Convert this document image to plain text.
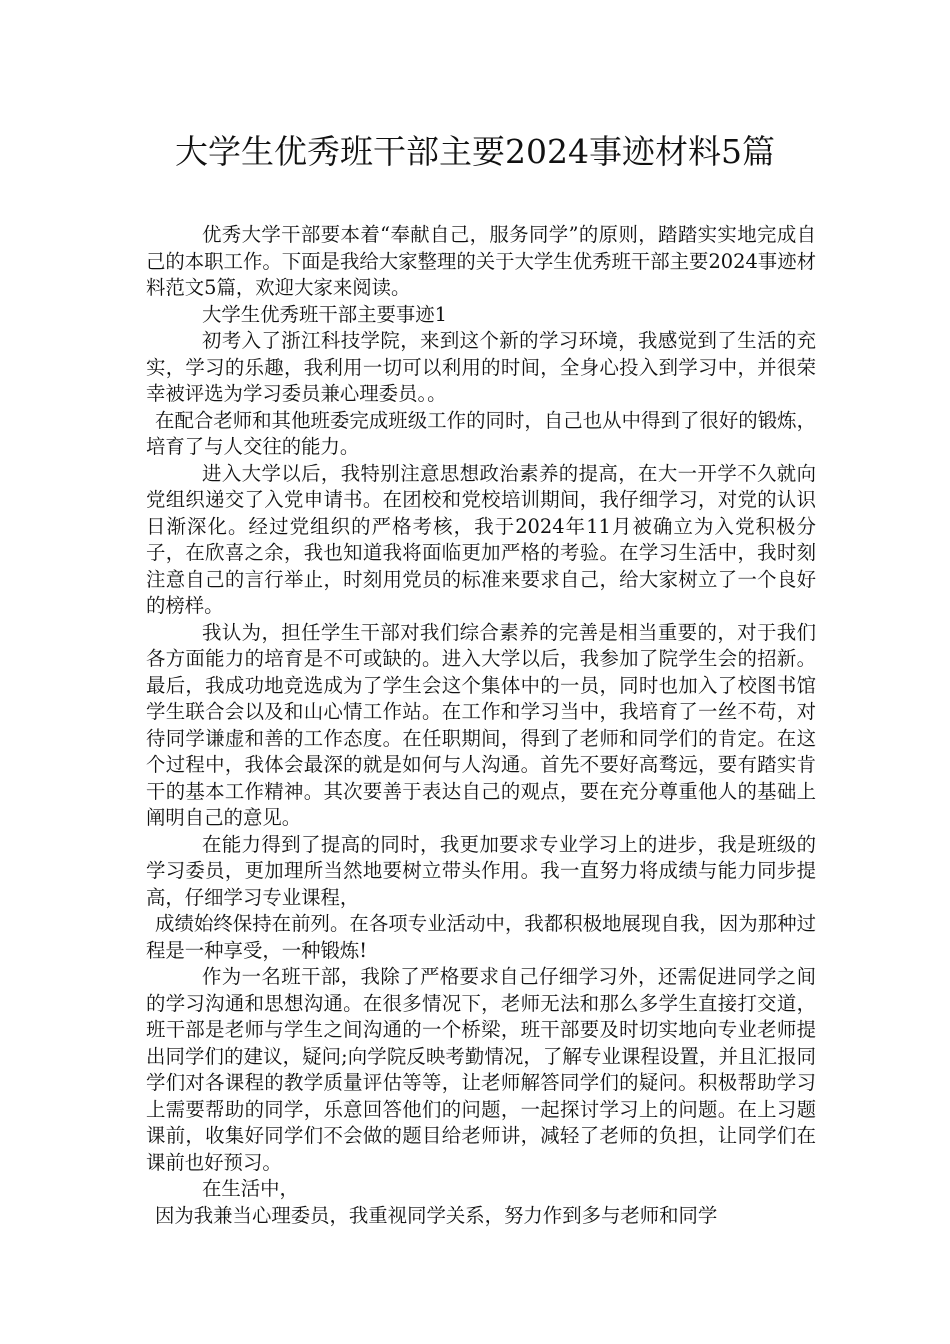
大学生优秀班干部主要2024事迹材料5篇

优秀大学干部要本着“奉献自己，服务同学”的原则，踏踏实实地完成自己的本职工作。下面是我给大家整理的关于大学生优秀班干部主要2024事迹材料范文5篇，欢迎大家来阅读。

大学生优秀班干部主要事迹1

初考入了浙江科技学院，来到这个新的学习环境，我感觉到了生活的充实，学习的乐趣，我利用一切可以利用的时间，全身心投入到学习中，并很荣幸被评选为学习委员兼心理委员。。

在配合老师和其他班委完成班级工作的同时，自己也从中得到了很好的锻炼，培育了与人交往的能力。

进入大学以后，我特别注意思想政治素养的提高，在大一开学不久就向党组织递交了入党申请书。在团校和党校培训期间，我仔细学习，对党的认识日渐深化。经过党组织的严格考核，我于2024年11月被确立为入党积极分子，在欣喜之余，我也知道我将面临更加严格的考验。在学习生活中，我时刻注意自己的言行举止，时刻用党员的标准来要求自己，给大家树立了一个良好的榜样。

我认为，担任学生干部对我们综合素养的完善是相当重要的，对于我们各方面能力的培育是不可或缺的。进入大学以后，我参加了院学生会的招新。最后，我成功地竞选成为了学生会这个集体中的一员，同时也加入了校图书馆学生联合会以及和山心情工作站。在工作和学习当中，我培育了一丝不苟，对待同学谦虚和善的工作态度。在任职期间，得到了老师和同学们的肯定。在这个过程中，我体会最深的就是如何与人沟通。首先不要好高骛远，要有踏实肯干的基本工作精神。其次要善于表达自己的观点，要在充分尊重他人的基础上阐明自己的意见。

在能力得到了提高的同时，我更加要求专业学习上的进步，我是班级的学习委员，更加理所当然地要树立带头作用。我一直努力将成绩与能力同步提高，仔细学习专业课程，

成绩始终保持在前列。在各项专业活动中，我都积极地展现自我，因为那种过程是一种享受，一种锻炼!

作为一名班干部，我除了严格要求自己仔细学习外，还需促进同学之间的学习沟通和思想沟通。在很多情况下，老师无法和那么多学生直接打交道，班干部是老师与学生之间沟通的一个桥梁，班干部要及时切实地向专业老师提出同学们的建议，疑问;向学院反映考勤情况，了解专业课程设置，并且汇报同学们对各课程的教学质量评估等等，让老师解答同学们的疑问。积极帮助学习上需要帮助的同学，乐意回答他们的问题，一起探讨学习上的问题。在上习题课前，收集好同学们不会做的题目给老师讲，减轻了老师的负担，让同学们在课前也好预习。

在生活中，

因为我兼当心理委员，我重视同学关系，努力作到多与老师和同学
